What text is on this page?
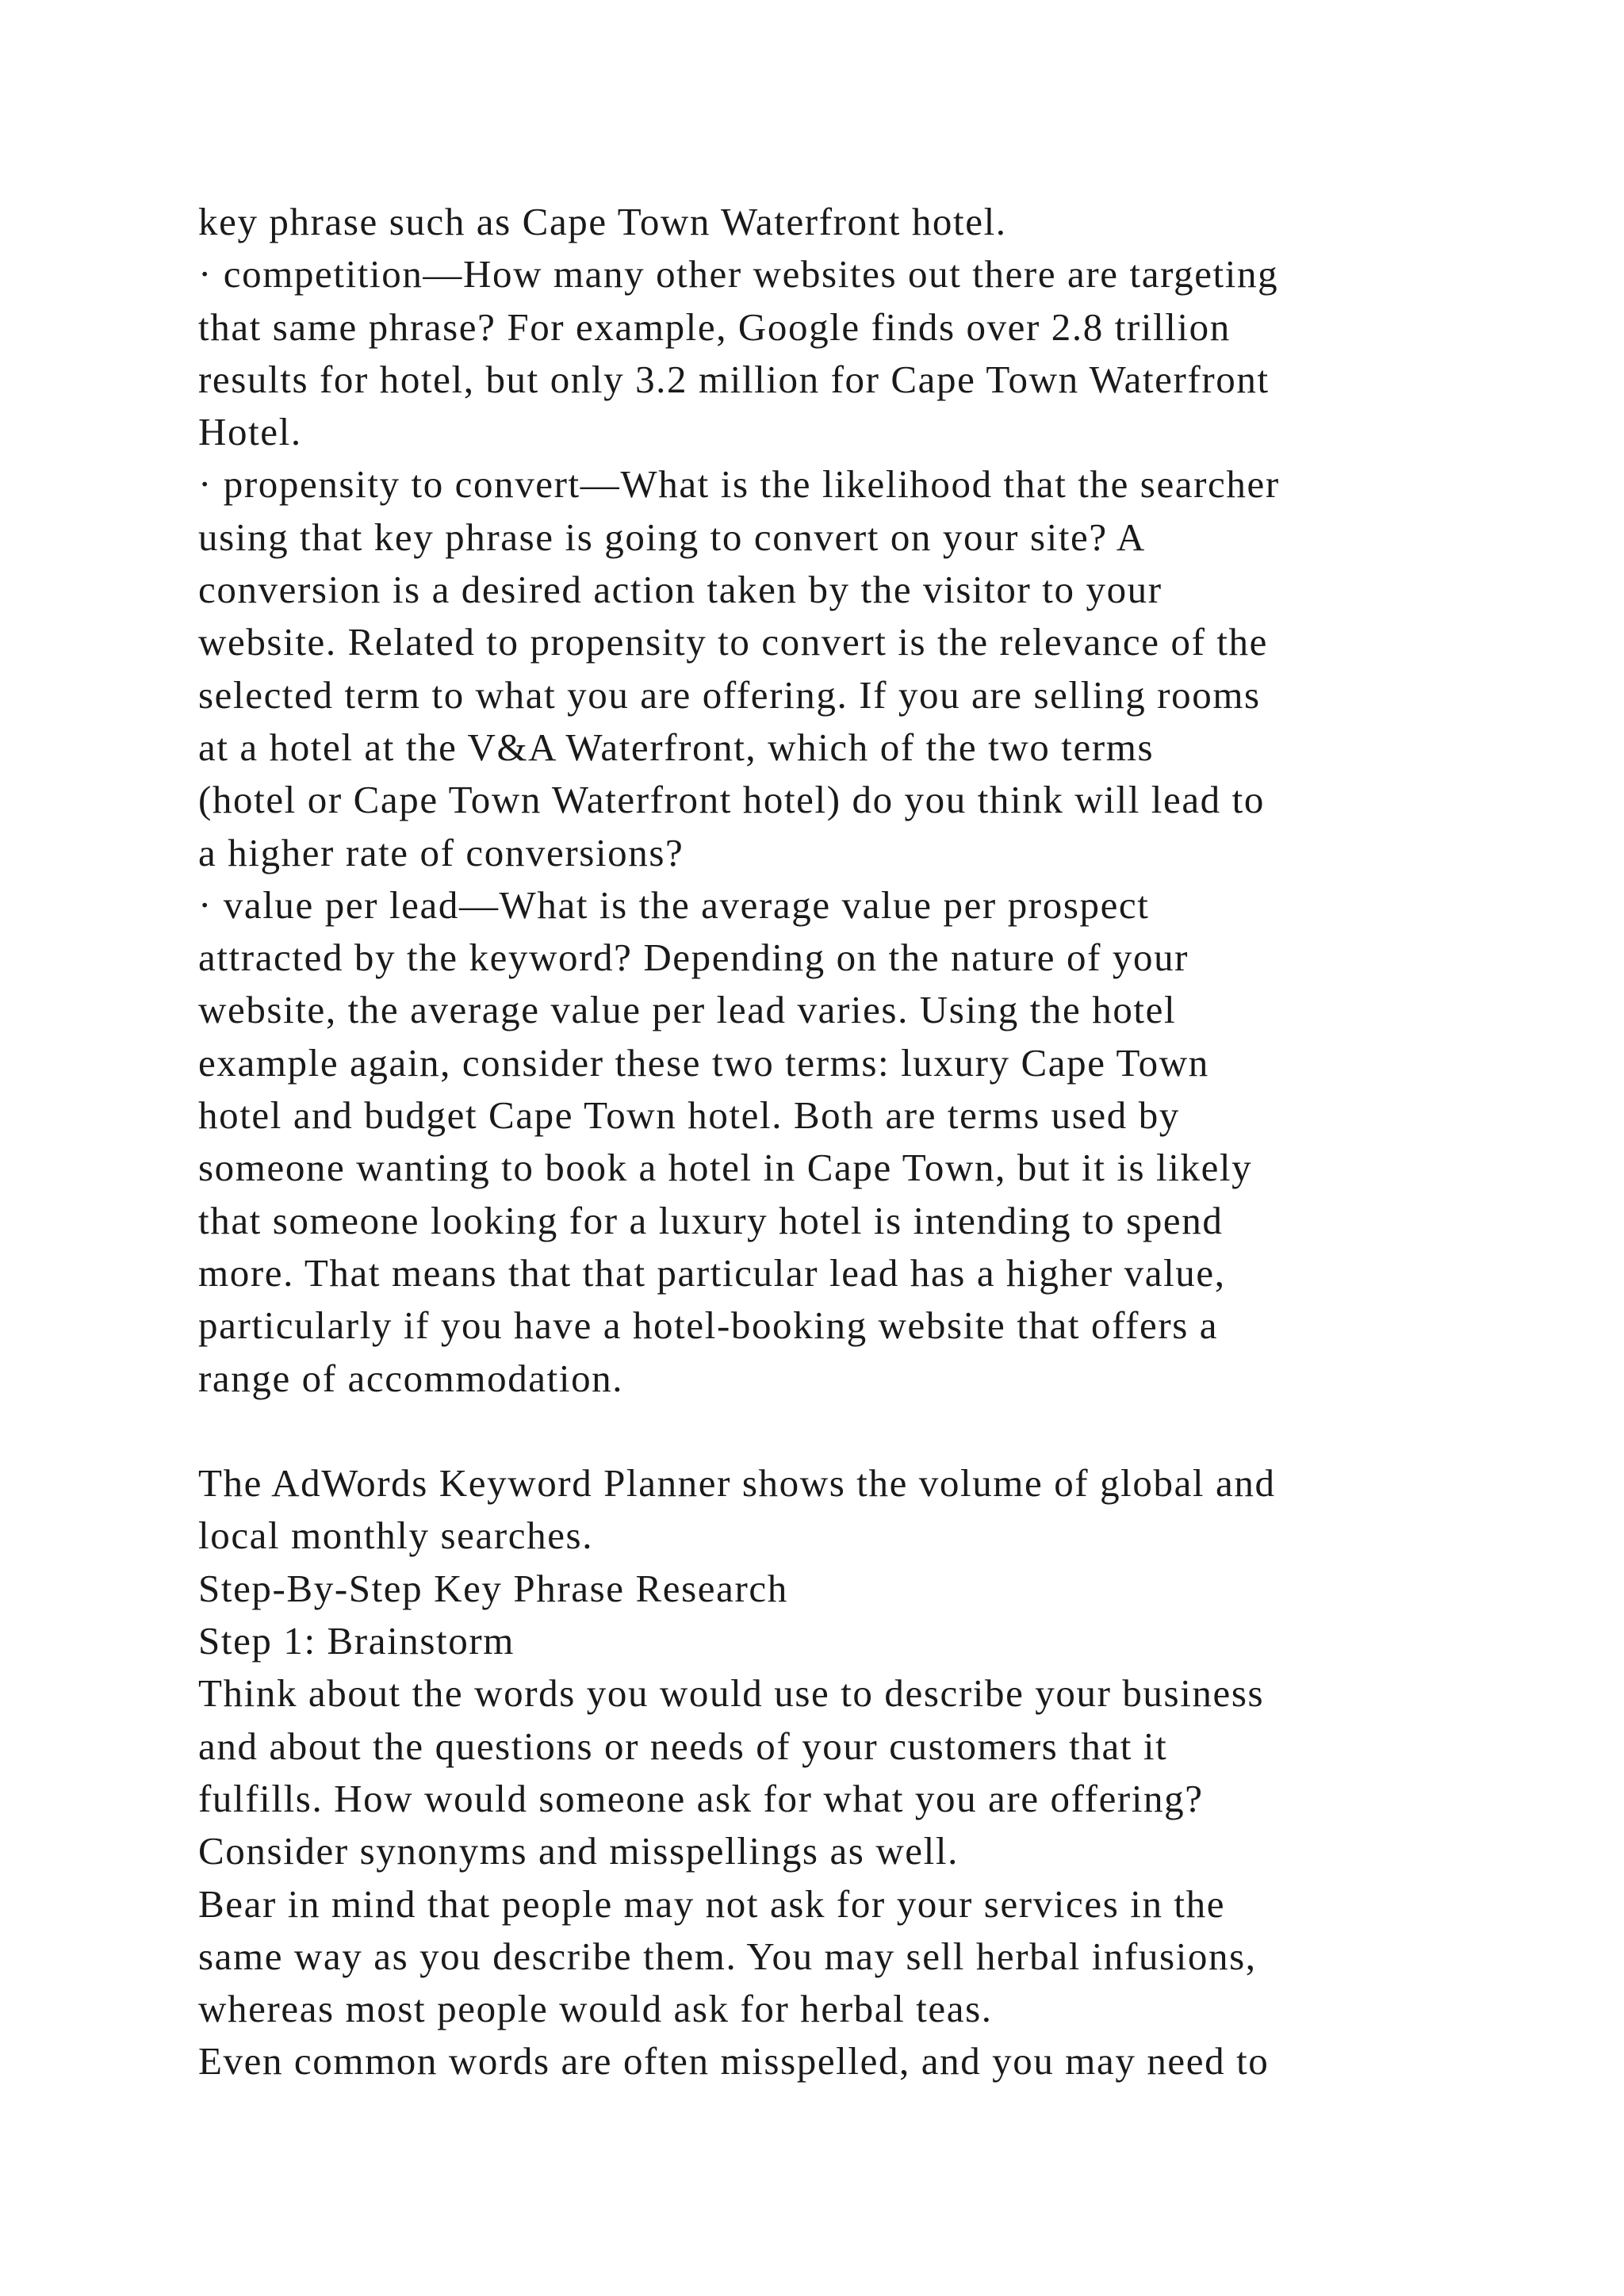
key phrase such as Cape Town Waterfront hotel.
· competition—How many other websites out there are targeting
that same phrase? For example, Google finds over 2.8 trillion
results for hotel, but only 3.2 million for Cape Town Waterfront
Hotel.
· propensity to convert—What is the likelihood that the searcher
using that key phrase is going to convert on your site? A
conversion is a desired action taken by the visitor to your
website. Related to propensity to convert is the relevance of the
selected term to what you are offering. If you are selling rooms
at a hotel at the V&A Waterfront, which of the two terms
(hotel or Cape Town Waterfront hotel) do you think will lead to
a higher rate of conversions?
· value per lead—What is the average value per prospect
attracted by the keyword? Depending on the nature of your
website, the average value per lead varies. Using the hotel
example again, consider these two terms: luxury Cape Town
hotel and budget Cape Town hotel. Both are terms used by
someone wanting to book a hotel in Cape Town, but it is likely
that someone looking for a luxury hotel is intending to spend
more. That means that that particular lead has a higher value,
particularly if you have a hotel-booking website that offers a
range of accommodation.
The AdWords Keyword Planner shows the volume of global and
local monthly searches.
Step-By-Step Key Phrase Research
Step 1: Brainstorm
Think about the words you would use to describe your business
and about the questions or needs of your customers that it
fulfills. How would someone ask for what you are offering?
Consider synonyms and misspellings as well.
Bear in mind that people may not ask for your services in the
same way as you describe them. You may sell herbal infusions,
whereas most people would ask for herbal teas.
Even common words are often misspelled, and you may need to
